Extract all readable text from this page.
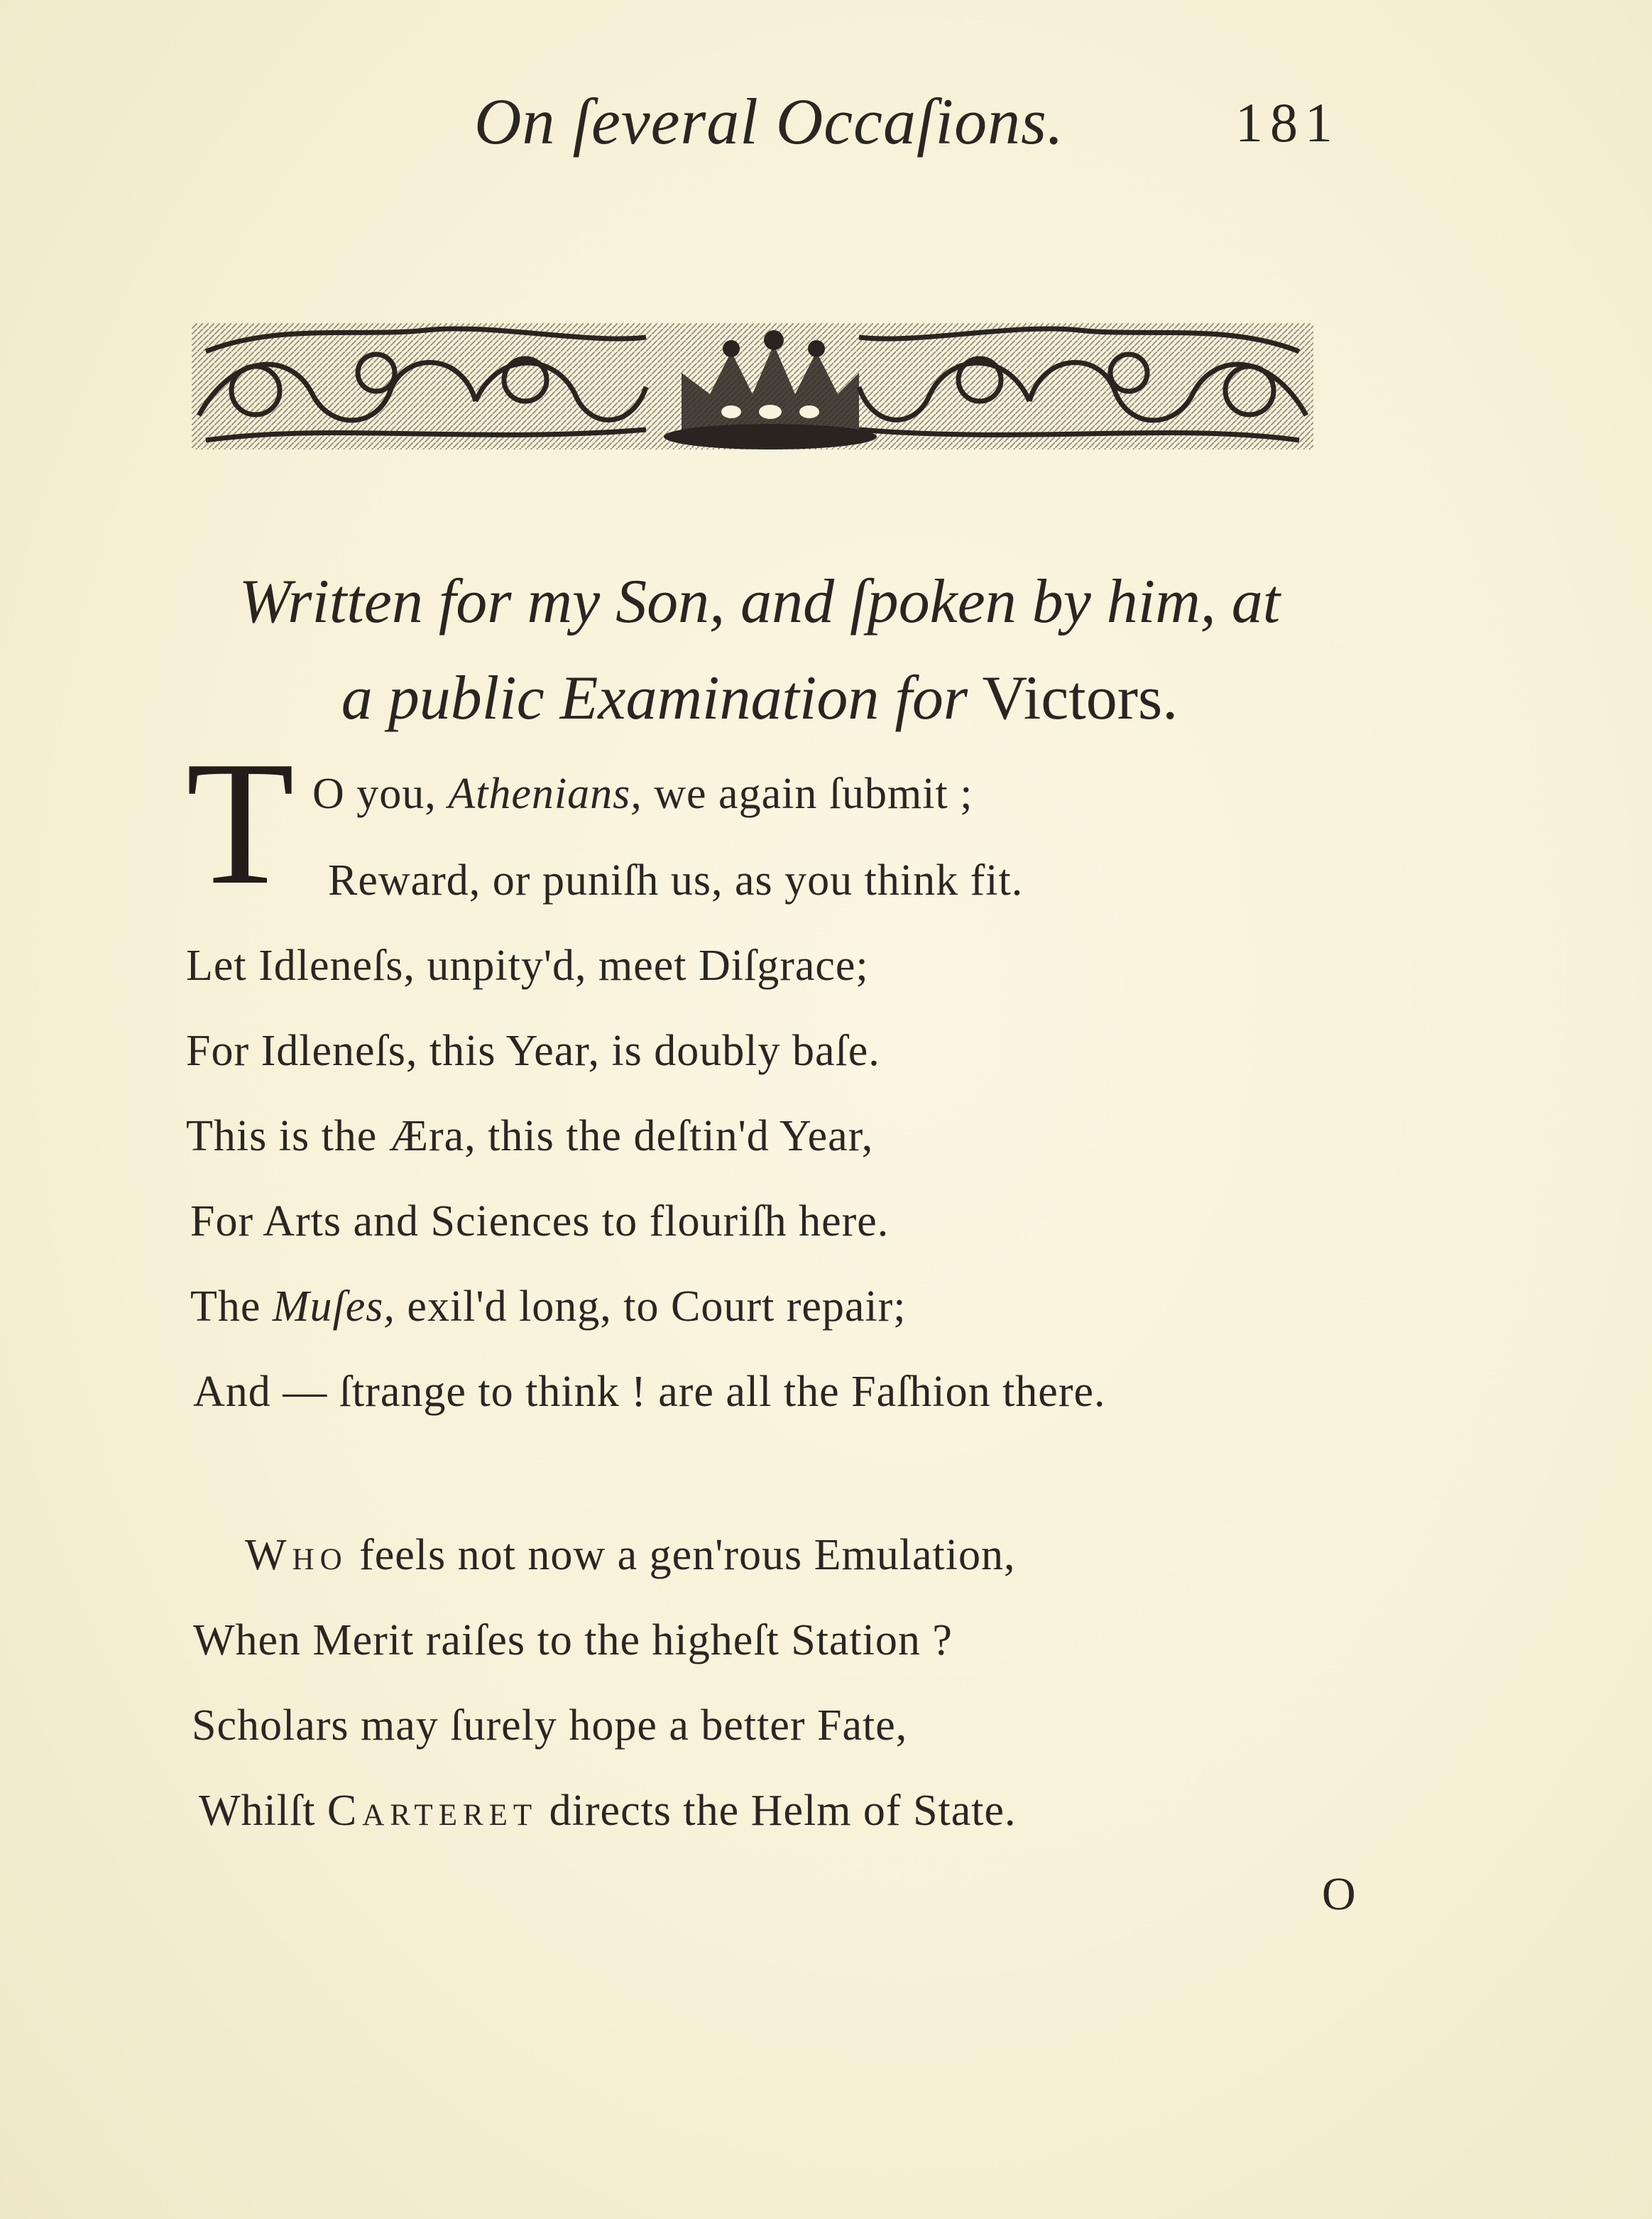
On ſeveral Occaſions.	181
Written for my Son, and ſpoken by him, at
a public Examination for Victors.
T O you, Athenians, we again ſubmit ;
Reward, or puniſh us, as you think fit.
Let Idleneſs, unpity'd, meet Diſgrace;
For Idleneſs, this Year, is doubly baſe.
This is the Æra, this the deſtin'd Year,
For Arts and Sciences to flouriſh here.
The Muſes, exil'd long, to Court repair;
And — ſtrange to think ! are all the Faſhion there.
Who feels not now a gen'rous Emulation,
When Merit raiſes to the higheſt Station ?
Scholars may ſurely hope a better Fate,
Whilſt Carteret directs the Helm of State.
O
